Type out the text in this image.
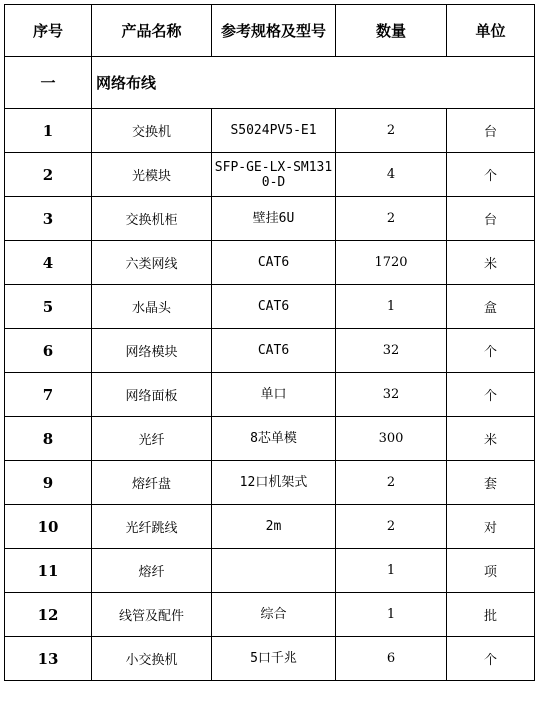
序号	产品名称	参考规格及型号	数量	单位
一	网络布线			
1	交换机	S5024PV5-E1	2	台
2	光模块	SFP-GE-LX-SM1310-D	4	个
3	交换机柜	壁挂6U	2	台
4	六类网线	CAT6	1720	米
5	水晶头	CAT6	1	盒
6	网络模块	CAT6	32	个
7	网络面板	单口	32	个
8	光纤	8芯单模	300	米
9	熔纤盘	12口机架式	2	套
10	光纤跳线	2m	2	对
11	熔纤		1	项
12	线管及配件	综合	1	批
13	小交换机	5口千兆	6	个
